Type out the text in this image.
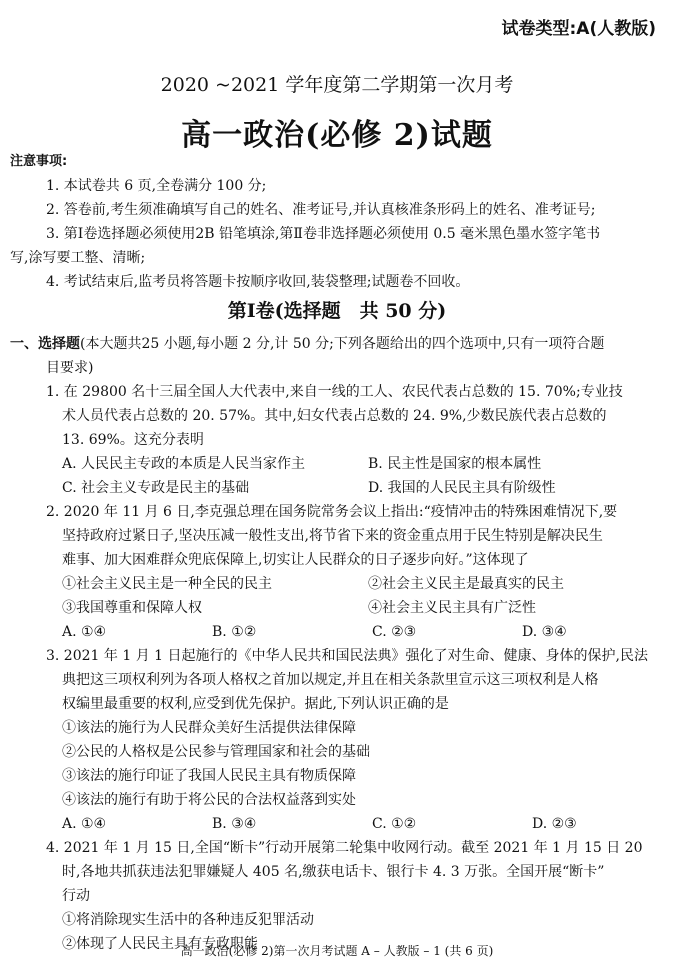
试卷类型:A(人教版)
2020 ~2021 学年度第二学期第一次月考
高一政治(必修 2)试题
注意事项:
1. 本试卷共 6 页,全卷满分 100 分;
2. 答卷前,考生须准确填写自己的姓名、准考证号,并认真核准条形码上的姓名、准考证号;
3. 第Ⅰ卷选择题必须使用2B 铅笔填涂,第Ⅱ卷非选择题必须使用 0.5 毫米黑色墨水签字笔书
写,涂写要工整、清晰;
4. 考试结束后,监考员将答题卡按顺序收回,装袋整理;试题卷不回收。
第Ⅰ卷(选择题　共 50 分)
一、选择题(本大题共25 小题,每小题 2 分,计 50 分;下列各题给出的四个选项中,只有一项符合题
目要求)
1. 在 29800 名十三届全国人大代表中,来自一线的工人、农民代表占总数的 15. 70%;专业技
术人员代表占总数的 20. 57%。其中,妇女代表占总数的 24. 9%,少数民族代表占总数的
13. 69%。这充分表明
A. 人民民主专政的本质是人民当家作主	B. 民主性是国家的根本属性
C. 社会主义专政是民主的基础	D. 我国的人民民主具有阶级性
2. 2020 年 11 月 6 日,李克强总理在国务院常务会议上指出:“疫情冲击的特殊困难情况下,要
坚持政府过紧日子,坚决压减一般性支出,将节省下来的资金重点用于民生特别是解决民生
难事、加大困难群众兜底保障上,切实让人民群众的日子逐步向好。”这体现了
①社会主义民主是一种全民的民主	②社会主义民主是最真实的民主
③我国尊重和保障人权	④社会主义民主具有广泛性
A. ①④	B. ①②	C. ②③	D. ③④
3. 2021 年 1 月 1 日起施行的《中华人民共和国民法典》强化了对生命、健康、身体的保护,民法
典把这三项权利列为各项人格权之首加以规定,并且在相关条款里宣示这三项权利是人格
权编里最重要的权利,应受到优先保护。据此,下列认识正确的是
①该法的施行为人民群众美好生活提供法律保障
②公民的人格权是公民参与管理国家和社会的基础
③该法的施行印证了我国人民民主具有物质保障
④该法的施行有助于将公民的合法权益落到实处
A. ①④	B. ③④	C. ①②	D. ②③
4. 2021 年 1 月 15 日,全国“断卡”行动开展第二轮集中收网行动。截至 2021 年 1 月 15 日 20
时,各地共抓获违法犯罪嫌疑人 405 名,缴获电话卡、银行卡 4. 3 万张。全国开展“断卡”
行动
①将消除现实生活中的各种违反犯罪活动
②体现了人民民主具有专政职能
高一政治(必修 2)第一次月考试题 A – 人教版 – 1 (共 6 页)
